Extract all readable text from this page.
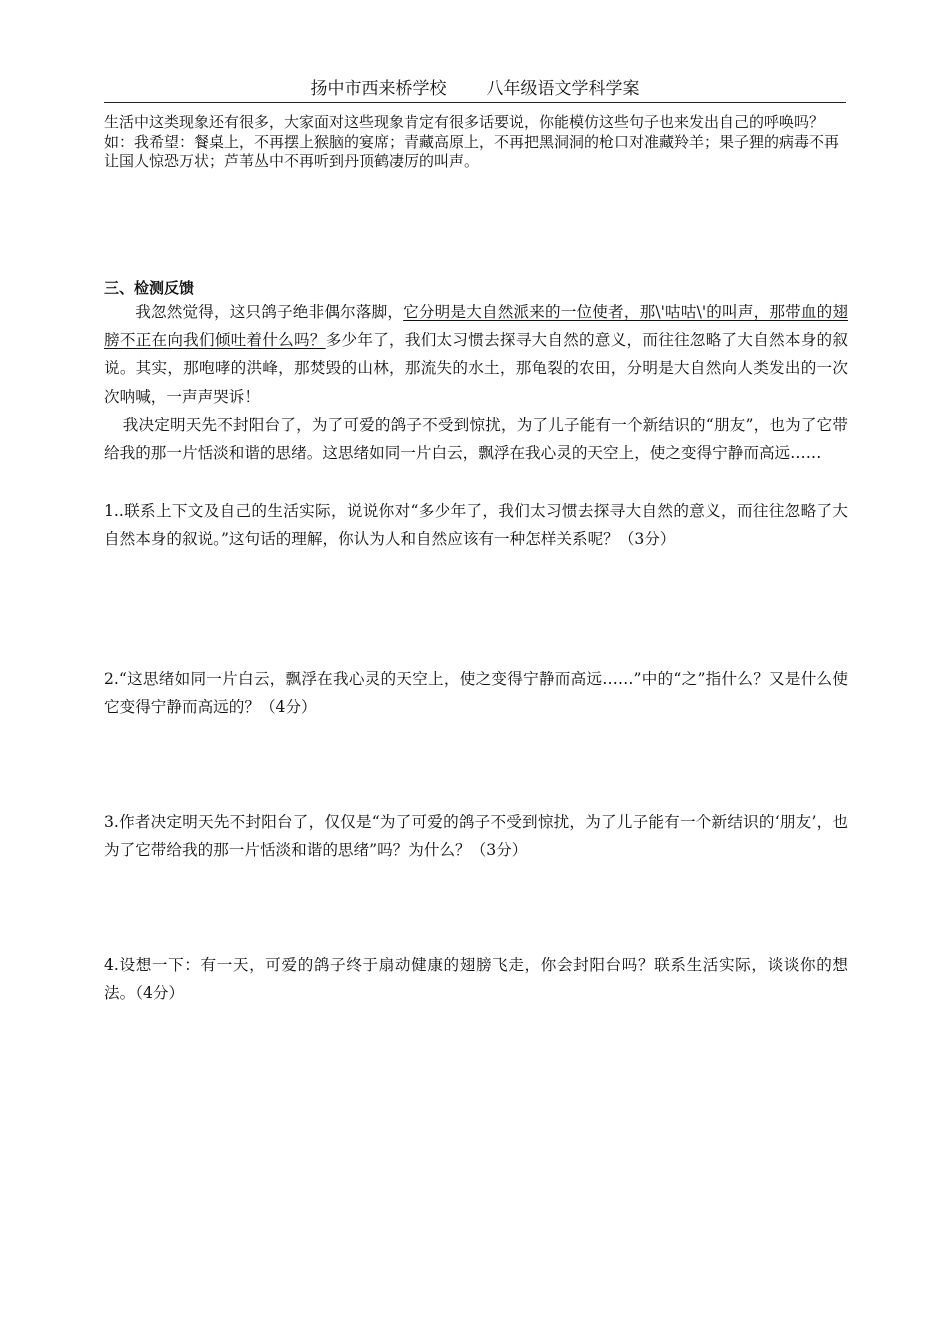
扬中市西来桥学校 八年级语文学科学案

生活中这类现象还有很多，大家面对这些现象肯定有很多话要说，你能模仿这些句子也来发出自己的呼唤吗？

如：我希望：餐桌上，不再摆上猴脑的宴席；青藏高原上，不再把黑洞洞的枪口对准藏羚羊；果子狸的病毒不再让国人惊恐万状；芦苇丛中不再听到丹顶鹤凄厉的叫声。

三、检测反馈

我忽然觉得，这只鸽子绝非偶尔落脚，它分明是大自然派来的一位使者，那\'咕咕\'的叫声，那带血的翅膀不正在向我们倾吐着什么吗？多少年了，我们太习惯去探寻大自然的意义，而往往忽略了大自然本身的叙说。其实，那咆哮的洪峰，那焚毁的山林，那流失的水土，那龟裂的农田，分明是大自然向人类发出的一次次呐喊，一声声哭诉！

我决定明天先不封阳台了，为了可爱的鸽子不受到惊扰，为了儿子能有一个新结识的“朋友”，也为了它带给我的那一片恬淡和谐的思绪。这思绪如同一片白云，飘浮在我心灵的天空上，使之变得宁静而高远……

1..联系上下文及自己的生活实际，说说你对“多少年了，我们太习惯去探寻大自然的意义，而往往忽略了大自然本身的叙说。”这句话的理解，你认为人和自然应该有一种怎样关系呢？（3分）

2.“这思绪如同一片白云，飘浮在我心灵的天空上，使之变得宁静而高远……”中的“之”指什么？又是什么使它变得宁静而高远的？（4分）

3.作者决定明天先不封阳台了，仅仅是“为了可爱的鸽子不受到惊扰，为了儿子能有一个新结识的‘朋友’，也为了它带给我的那一片恬淡和谐的思绪”吗？为什么？（3分）

4.设想一下：有一天，可爱的鸽子终于扇动健康的翅膀飞走，你会封阳台吗？联系生活实际，谈谈你的想法。（4分）
